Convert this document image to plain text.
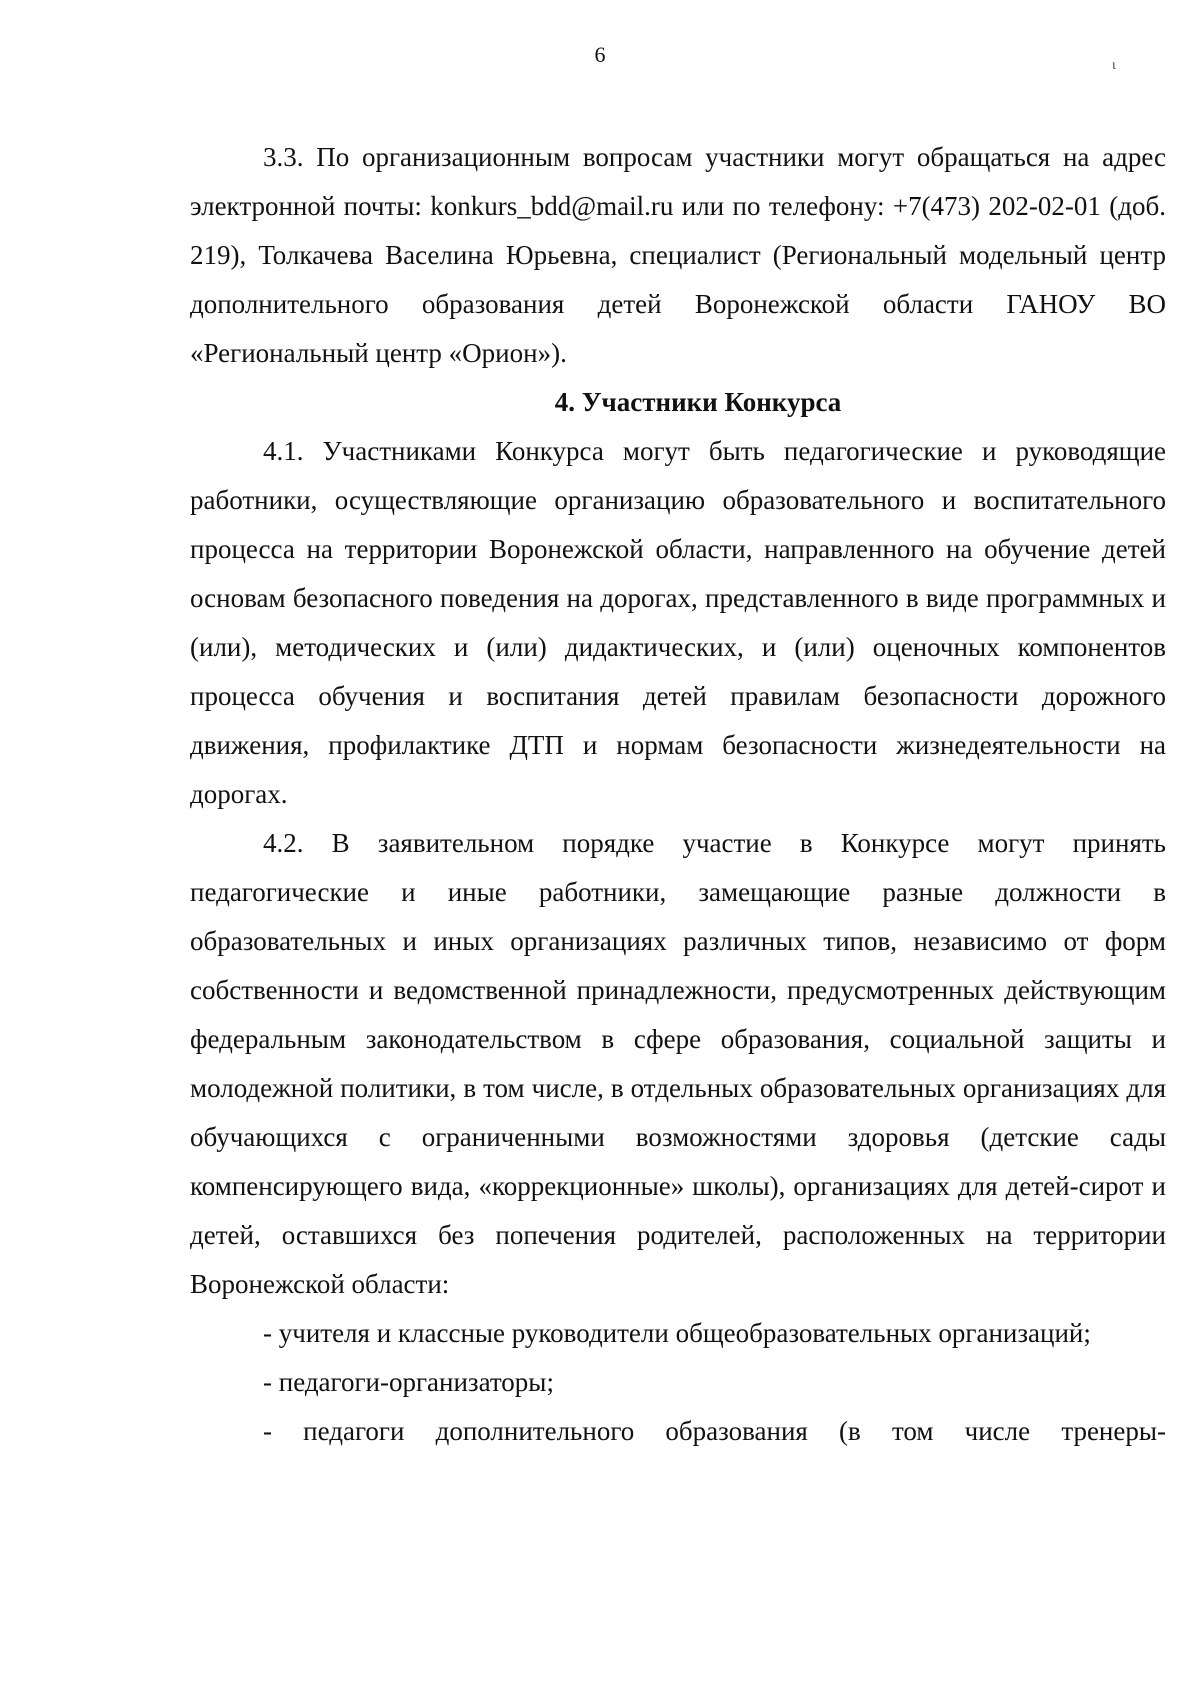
6	ι

3.3. По организационным вопросам участники могут обращаться на адрес электронной почты: konkurs_bdd@mail.ru или по телефону: +7(473) 202-02-01 (доб. 219), Толкачева Васелина Юрьевна, специалист (Региональный модельный центр дополнительного образования детей Воронежской области ГАНОУ ВО «Региональный центр «Орион»).

4. Участники Конкурса

4.1. Участниками Конкурса могут быть педагогические и руководящие работники, осуществляющие организацию образовательного и воспитательного процесса на территории Воронежской области, направленного на обучение детей основам безопасного поведения на дорогах, представленного в виде программных и (или), методических и (или) дидактических, и (или) оценочных компонентов процесса обучения и воспитания детей правилам безопасности дорожного движения, профилактике ДТП и нормам безопасности жизнедеятельности на дорогах.

4.2. В заявительном порядке участие в Конкурсе могут принять педагогические и иные работники, замещающие разные должности в образовательных и иных организациях различных типов, независимо от форм собственности и ведомственной принадлежности, предусмотренных действующим федеральным законодательством в сфере образования, социальной защиты и молодежной политики, в том числе, в отдельных образовательных организациях для обучающихся с ограниченными возможностями здоровья (детские сады компенсирующего вида, «коррекционные» школы), организациях для детей-сирот и детей, оставшихся без попечения родителей, расположенных на территории Воронежской области:

- учителя и классные руководители общеобразовательных организаций;

- педагоги-организаторы;

- педагоги дополнительного образования (в том числе тренеры-
